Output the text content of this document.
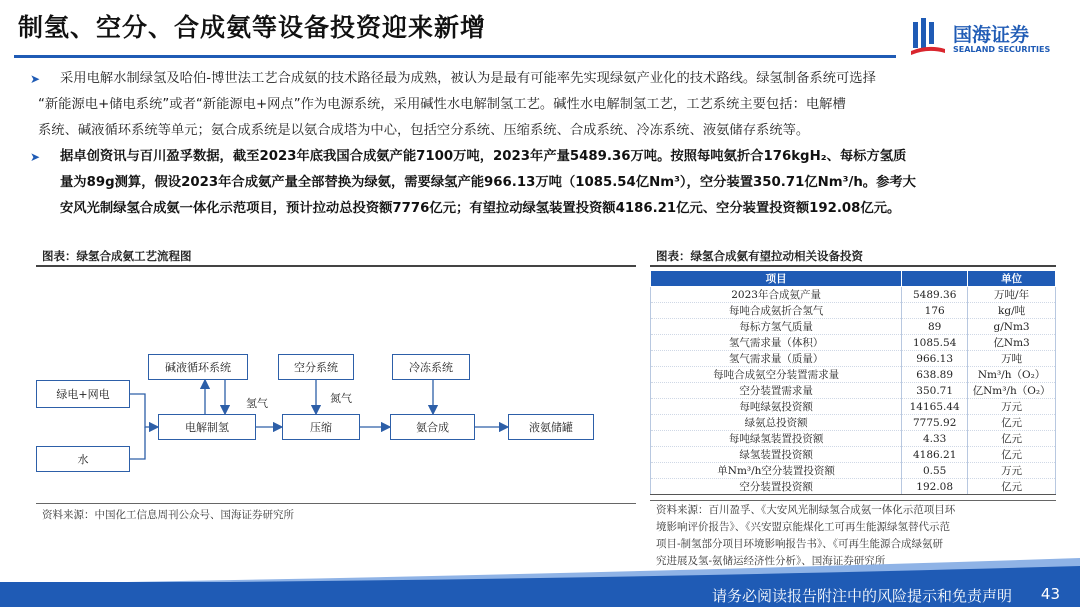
制氢、空分、合成氨等设备投资迎来新增	国海证券
SEALAND SECURITIES
➤ 采用电解水制绿氢及哈伯-博世法工艺合成氨的技术路径最为成熟，被认为是最有可能率先实现绿氨产业化的技术路线。绿氢制备系统可选择
“新能源电+储电系统”或者“新能源电+网点”作为电源系统，采用碱性水电解制氢工艺。碱性水电解制氢工艺，工艺系统主要包括：电解槽
系统、碱液循环系统等单元；氨合成系统是以氨合成塔为中心，包括空分系统、压缩系统、合成系统、冷冻系统、液氨储存系统等。
➤ 据卓创资讯与百川盈孚数据，截至2023年底我国合成氨产能7100万吨，2023年产量5489.36万吨。按照每吨氨折合176kgH₂、每标方氢质
量为89g测算，假设2023年合成氨产量全部替换为绿氨，需要绿氢产能966.13万吨（1085.54亿Nm³），空分装置350.71亿Nm³/h。参考大
安风光制绿氢合成氨一体化示范项目，预计拉动总投资额7776亿元；有望拉动绿氢装置投资额4186.21亿元、空分装置投资额192.08亿元。
图表：绿氢合成氨工艺流程图
碱液循环系统	空分系统	冷冻系统
绿电+网电
水
电解制氢	压缩	氨合成	液氨储罐
氢气	氮气
资料来源：中国化工信息周刊公众号、国海证券研究所
图表：绿氢合成氨有望拉动相关设备投资
项目		单位
2023年合成氨产量	5489.36	万吨/年
每吨合成氨折合氢气	176	kg/吨
每标方氢气质量	89	g/Nm3
氢气需求量（体积）	1085.54	亿Nm3
氢气需求量（质量）	966.13	万吨
每吨合成氨空分装置需求量	638.89	Nm³/h（O₂）
空分装置需求量	350.71	亿Nm³/h（O₂）
每吨绿氨投资额	14165.44	万元
绿氨总投资额	7775.92	亿元
每吨绿氢装置投资额	4.33	亿元
绿氢装置投资额	4186.21	亿元
单Nm³/h空分装置投资额	0.55	万元
空分装置投资额	192.08	亿元
资料来源：百川盈孚、《大安风光制绿氢合成氨一体化示范项目环
境影响评价报告》、《兴安盟京能煤化工可再生能源绿氢替代示范
项目-制氢部分项目环境影响报告书》、《可再生能源合成绿氨研
究进展及氢-氨储运经济性分析》、国海证券研究所
请务必阅读报告附注中的风险提示和免责声明 43
